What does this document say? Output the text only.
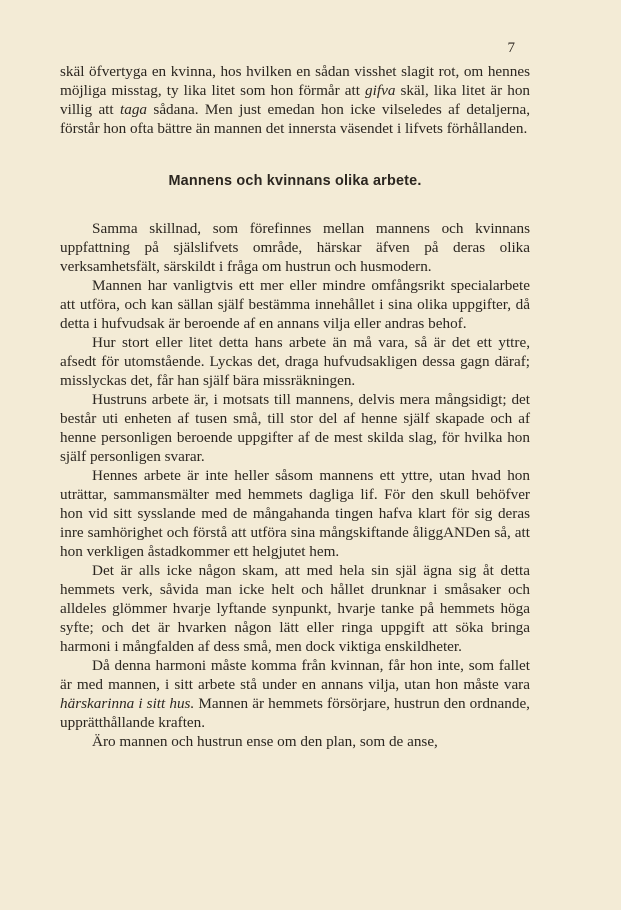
7

skäl öfvertyga en kvinna, hos hvilken en sådan visshet slagit rot, om hennes möjliga misstag, ty lika litet som hon förmår att gifva skäl, lika litet är hon villig att taga sådana. Men just emedan hon icke vilseledes af detaljerna, förstår hon ofta bättre än mannen det innersta väsendet i lifvets förhållanden.

Mannens och kvinnans olika arbete.

Samma skillnad, som förefinnes mellan mannens och kvinnans uppfattning på själslifvets område, härskar äfven på deras olika verksamhetsfält, särskildt i fråga om hustrun och husmodern.

Mannen har vanligtvis ett mer eller mindre omfångsrikt specialarbete att utföra, och kan sällan själf bestämma innehållet i sina olika uppgifter, då detta i hufvudsak är beroende af en annans vilja eller andras behof.

Hur stort eller litet detta hans arbete än må vara, så är det ett yttre, afsedt för utomstående. Lyckas det, draga hufvudsakligen dessa gagn däraf; misslyckas det, får han själf bära missräkningen.

Hustruns arbete är, i motsats till mannens, delvis mera mångsidigt; det består uti enheten af tusen små, till stor del af henne själf skapade och af henne personligen beroende uppgifter af de mest skilda slag, för hvilka hon själf personligen svarar.

Hennes arbete är inte heller såsom mannens ett yttre, utan hvad hon uträttar, sammansmälter med hemmets dagliga lif. För den skull behöfver hon vid sitt sysslande med de mångahanda tingen hafva klart för sig deras inre samhörighet och förstå att utföra sina mångskiftande åliggANDen så, att hon verkligen åstadkommer ett helgjutet hem.

Det är alls icke någon skam, att med hela sin själ ägna sig åt detta hemmets verk, såvida man icke helt och hållet drunknar i småsaker och alldeles glömmer hvarje lyftande synpunkt, hvarje tanke på hemmets höga syfte; och det är hvarken någon lätt eller ringa uppgift att söka bringa harmoni i mångfalden af dess små, men dock viktiga enskildheter.

Då denna harmoni måste komma från kvinnan, får hon inte, som fallet är med mannen, i sitt arbete stå under en annans vilja, utan hon måste vara härskarinna i sitt hus. Mannen är hemmets försörjare, hustrun den ordnande, upprätthållande kraften.

Äro mannen och hustrun ense om den plan, som de anse,
